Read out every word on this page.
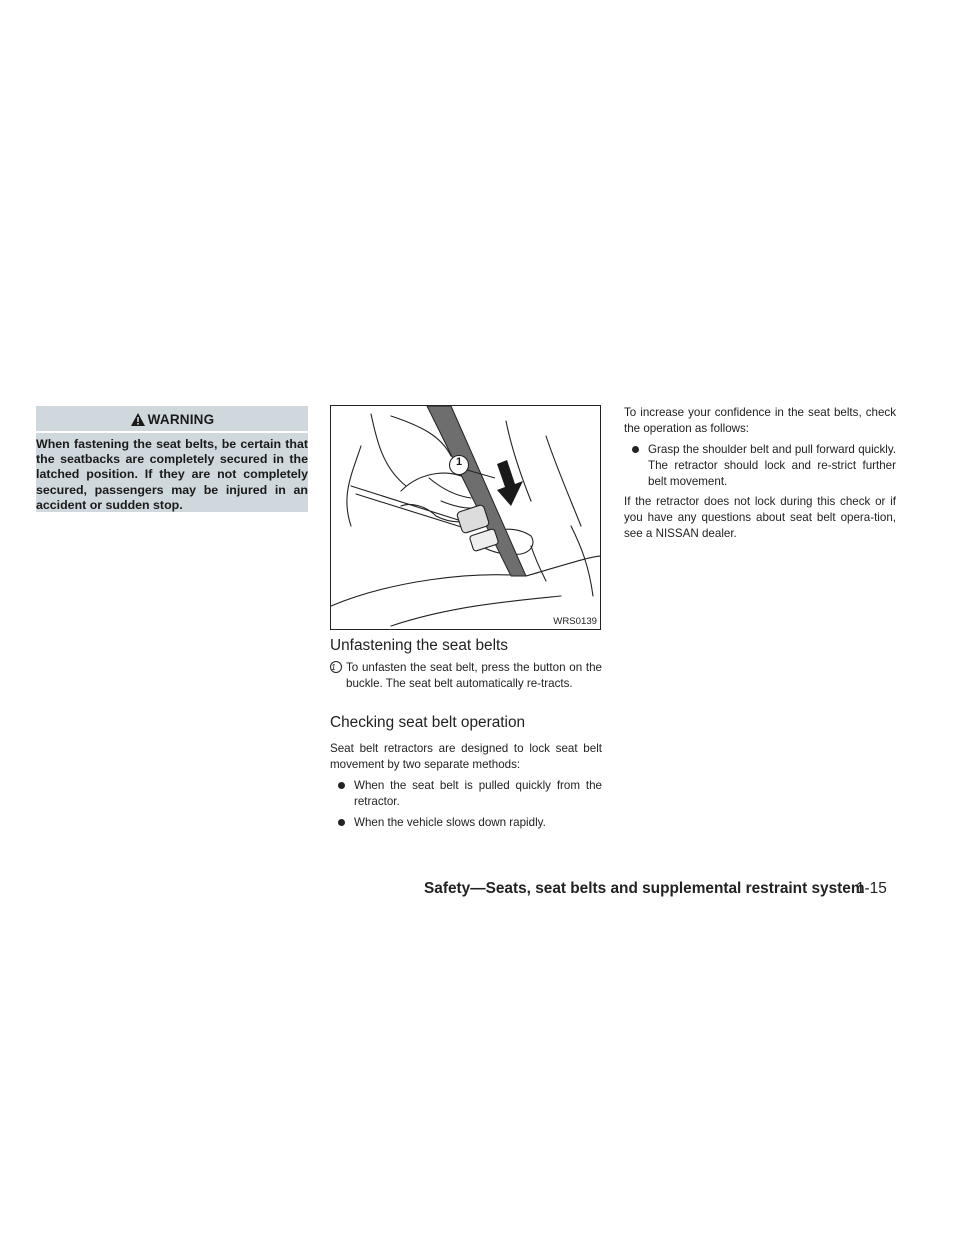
WARNING
When fastening the seat belts, be certain that the seatbacks are completely secured in the latched position. If they are not completely secured, passengers may be injured in an accident or sudden stop.
1
WRS0139
Unfastening the seat belts
1 To unfasten the seat belt, press the button on the buckle. The seat belt automatically re-tracts.
Checking seat belt operation
Seat belt retractors are designed to lock seat belt movement by two separate methods:
When the seat belt is pulled quickly from the retractor.
When the vehicle slows down rapidly.
To increase your confidence in the seat belts, check the operation as follows:
Grasp the shoulder belt and pull forward quickly. The retractor should lock and re-strict further belt movement.
If the retractor does not lock during this check or if you have any questions about seat belt opera-tion, see a NISSAN dealer.
Safety—Seats, seat belts and supplemental restraint system
1-15
